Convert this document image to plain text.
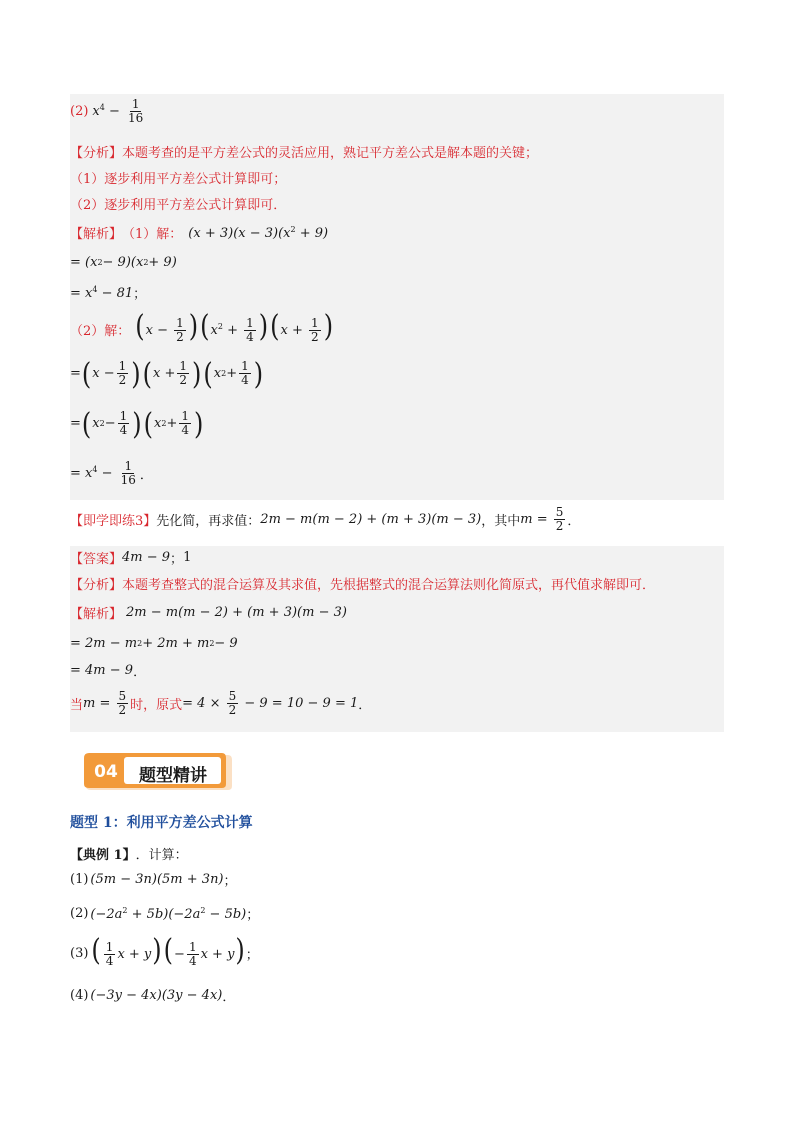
(2) $x^4 - \frac{1}{16}$
【分析】 本题考查的是平方差公式的灵活应用，熟记平方差公式是解本题的关键；
（1）逐步利用平方差公式计算即可；
（2）逐步利用平方差公式计算即可．
【解析】 （1）解： $(x + 3)(x - 3)(x^2 + 9)$
= (x 2 − 9)(x 2 + 9)
= $x^4 - 81$ ；
（2）解： $(x - \frac{1}{2} )(x^2 + \frac{1}{4} )(x + \frac{1}{2}$ )
= ( $x - \frac{1}{2}$ ) ( $x + \frac{1}{2}$ ) ( x $2 + \frac{1}{4}$ )
= ( x $2 - \frac{1}{4}$ ) ( x $2 + \frac{1}{4}$ )
= $x^4 - \frac{1}{16}$ ．
【即学即练3】 先化简，再求值： 2m − m(m − 2) + (m + 3)(m − 3) ，其中 $m = \frac{5}{2}$ ．
【答案】 4m − 9 ； 1
【分析】 本题考查整式的混合运算及其求值，先根据整式的混合运算法则化简原式，再代值求解即可．
【解析】 2m − m(m − 2) + (m + 3)(m − 3)
= 2m − m 2 + 2m + m 2 − 9
= 4m − 9 ．
当 $m = \frac{5}{2}$ 时，原式 = $4 \times \frac{5}{2} - 9 = 10 - 9 = 1$ ．
04	题型精讲
题型 1：利用平方差公式计算
【典例 1】 ．计算：
(1) (5m − 3n)(5m + 3n) ；
(2) $(-2a^2 + 5b)(-2a^2 - 5b)$ ；
(3) ( $\frac{1}{4}$ $x + y)(- \frac{1}{4}$ x + y) ；
(4) (−3y − 4x)(3y − 4x) ．
